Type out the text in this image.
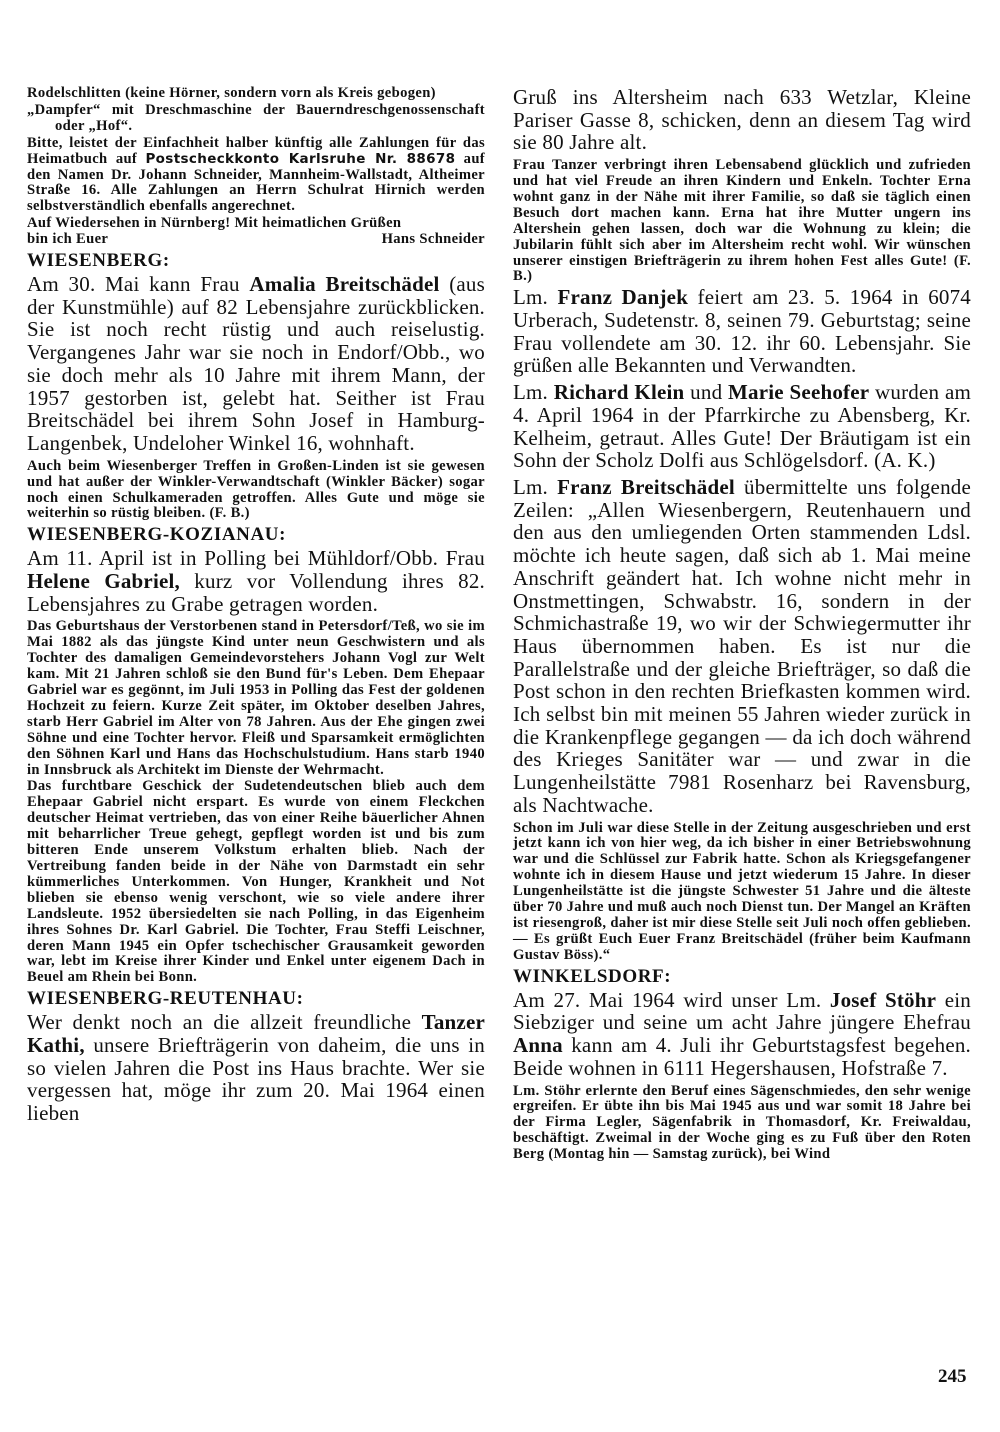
Rodelschlitten (keine Hörner, sondern vorn als Kreis gebogen)

„Dampfer“ mit Dreschmaschine der Bauerndreschgenossenschaft oder „Hof“.

Bitte, leistet der Einfachheit halber künftig alle Zahlungen für das Heimatbuch auf Postscheckkonto Karlsruhe Nr. 88678 auf den Namen Dr. Johann Schneider, Mannheim-Wallstadt, Altheimer Straße 16. Alle Zahlungen an Herrn Schulrat Hirnich werden selbstverständlich ebenfalls angerechnet.

Auf Wiedersehen in Nürnberg! Mit heimatlichen Grüßen

bin ich Euer	Hans Schneider
WIESENBERG:

Am 30. Mai kann Frau Amalia Breitschädel (aus der Kunstmühle) auf 82 Lebensjahre zurückblicken. Sie ist noch recht rüstig und auch reiselustig. Vergangenes Jahr war sie noch in Endorf/Obb., wo sie doch mehr als 10 Jahre mit ihrem Mann, der 1957 gestorben ist, gelebt hat. Seither ist Frau Breitschädel bei ihrem Sohn Josef in Hamburg-Langenbek, Undeloher Winkel 16, wohnhaft.

Auch beim Wiesenberger Treffen in Großen-Linden ist sie gewesen und hat außer der Winkler-Verwandtschaft (Winkler Bäcker) sogar noch einen Schulkameraden getroffen. Alles Gute und möge sie weiterhin so rüstig bleiben. (F. B.)

WIESENBERG-KOZIANAU:

Am 11. April ist in Polling bei Mühldorf/Obb. Frau Helene Gabriel, kurz vor Vollendung ihres 82. Lebensjahres zu Grabe getragen worden.

Das Geburtshaus der Verstorbenen stand in Petersdorf/Teß, wo sie im Mai 1882 als das jüngste Kind unter neun Geschwistern und als Tochter des damaligen Gemeindevorstehers Johann Vogl zur Welt kam. Mit 21 Jahren schloß sie den Bund für's Leben. Dem Ehepaar Gabriel war es gegönnt, im Juli 1953 in Polling das Fest der goldenen Hochzeit zu feiern. Kurze Zeit später, im Oktober deselben Jahres, starb Herr Gabriel im Alter von 78 Jahren. Aus der Ehe gingen zwei Söhne und eine Tochter hervor. Fleiß und Sparsamkeit ermöglichten den Söhnen Karl und Hans das Hochschulstudium. Hans starb 1940 in Innsbruck als Architekt im Dienste der Wehrmacht.

Das furchtbare Geschick der Sudetendeutschen blieb auch dem Ehepaar Gabriel nicht erspart. Es wurde von einem Fleckchen deutscher Heimat vertrieben, das von einer Reihe bäuerlicher Ahnen mit beharrlicher Treue gehegt, gepflegt worden ist und bis zum bitteren Ende unserem Volkstum erhalten blieb. Nach der Vertreibung fanden beide in der Nähe von Darmstadt ein sehr kümmerliches Unterkommen. Von Hunger, Krankheit und Not blieben sie ebenso wenig verschont, wie so viele andere ihrer Landsleute. 1952 übersiedelten sie nach Polling, in das Eigenheim ihres Sohnes Dr. Karl Gabriel. Die Tochter, Frau Steffi Leischner, deren Mann 1945 ein Opfer tschechischer Grausamkeit geworden war, lebt im Kreise ihrer Kinder und Enkel unter eigenem Dach in Beuel am Rhein bei Bonn.

WIESENBERG-REUTENHAU:

Wer denkt noch an die allzeit freundliche Tanzer Kathi, unsere Briefträgerin von daheim, die uns in so vielen Jahren die Post ins Haus brachte. Wer sie vergessen hat, möge ihr zum 20. Mai 1964 einen lieben

Gruß ins Altersheim nach 633 Wetzlar, Kleine Pariser Gasse 8, schicken, denn an diesem Tag wird sie 80 Jahre alt.

Frau Tanzer verbringt ihren Lebensabend glücklich und zufrieden und hat viel Freude an ihren Kindern und Enkeln. Tochter Erna wohnt ganz in der Nähe mit ihrer Familie, so daß sie täglich einen Besuch dort machen kann. Erna hat ihre Mutter ungern ins Altershein gehen lassen, doch war die Wohnung zu klein; die Jubilarin fühlt sich aber im Altersheim recht wohl. Wir wünschen unserer einstigen Briefträgerin zu ihrem hohen Fest alles Gute! (F. B.)

Lm. Franz Danjek feiert am 23. 5. 1964 in 6074 Urberach, Sudetenstr. 8, seinen 79. Geburtstag; seine Frau vollendete am 30. 12. ihr 60. Lebensjahr. Sie grüßen alle Bekannten und Verwandten.

Lm. Richard Klein und Marie Seehofer wurden am 4. April 1964 in der Pfarrkirche zu Abensberg, Kr. Kelheim, getraut. Alles Gute! Der Bräutigam ist ein Sohn der Scholz Dolfi aus Schlögelsdorf. (A. K.)

Lm. Franz Breitschädel übermittelte uns folgende Zeilen: „Allen Wiesenbergern, Reutenhauern und den aus den umliegenden Orten stammenden Ldsl. möchte ich heute sagen, daß sich ab 1. Mai meine Anschrift geändert hat. Ich wohne nicht mehr in Onstmettingen, Schwabstr. 16, sondern in der Schmichastraße 19, wo wir der Schwiegermutter ihr Haus übernommen haben. Es ist nur die Parallelstraße und der gleiche Briefträger, so daß die Post schon in den rechten Briefkasten kommen wird. Ich selbst bin mit meinen 55 Jahren wieder zurück in die Krankenpflege gegangen — da ich doch während des Krieges Sanitäter war — und zwar in die Lungenheilstätte 7981 Rosenharz bei Ravensburg, als Nachtwache.

Schon im Juli war diese Stelle in der Zeitung ausgeschrieben und erst jetzt kann ich von hier weg, da ich bisher in einer Betriebswohnung war und die Schlüssel zur Fabrik hatte. Schon als Kriegsgefangener wohnte ich in diesem Hause und jetzt wiederum 15 Jahre. In dieser Lungenheilstätte ist die jüngste Schwester 51 Jahre und die älteste über 70 Jahre und muß auch noch Dienst tun. Der Mangel an Kräften ist riesengroß, daher ist mir diese Stelle seit Juli noch offen geblieben. — Es grüßt Euch Euer Franz Breitschädel (früher beim Kaufmann Gustav Böss).“

WINKELSDORF:

Am 27. Mai 1964 wird unser Lm. Josef Stöhr ein Siebziger und seine um acht Jahre jüngere Ehefrau Anna kann am 4. Juli ihr Geburtstagsfest begehen. Beide wohnen in 6111 Hegershausen, Hofstraße 7.

Lm. Stöhr erlernte den Beruf eines Sägenschmiedes, den sehr wenige ergreifen. Er übte ihn bis Mai 1945 aus und war somit 18 Jahre bei der Firma Legler, Sägenfabrik in Thomasdorf, Kr. Freiwaldau, beschäftigt. Zweimal in der Woche ging es zu Fuß über den Roten Berg (Montag hin — Samstag zurück), bei Wind

245
